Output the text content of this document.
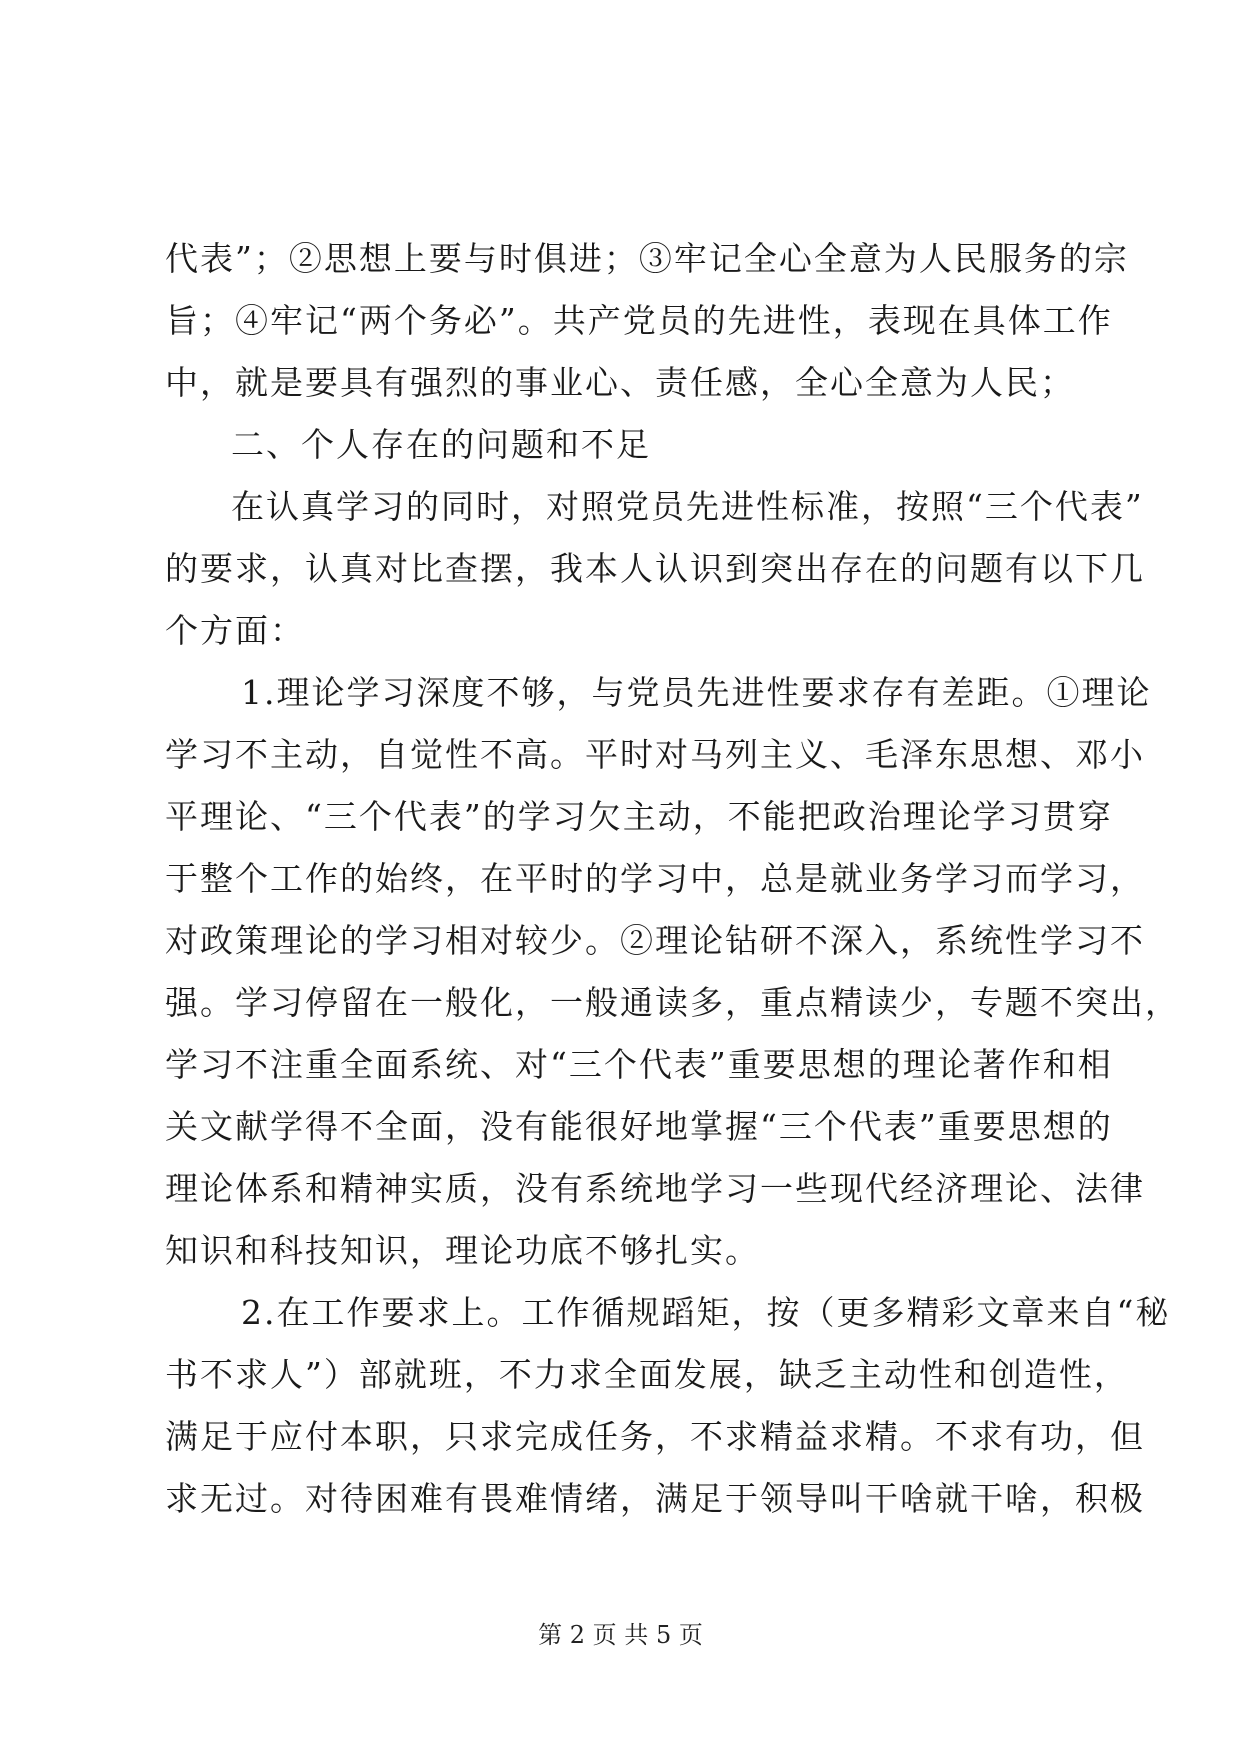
代表”；②思想上要与时俱进；③牢记全心全意为人民服务的宗
旨；④牢记“两个务必”。共产党员的先进性，表现在具体工作
中，就是要具有强烈的事业心、责任感，全心全意为人民；
二、个人存在的问题和不足
在认真学习的同时，对照党员先进性标准，按照“三个代表”
的要求，认真对比查摆，我本人认识到突出存在的问题有以下几
个方面：
1.理论学习深度不够，与党员先进性要求存有差距。①理论
学习不主动，自觉性不高。平时对马列主义、毛泽东思想、邓小
平理论、“三个代表”的学习欠主动，不能把政治理论学习贯穿
于整个工作的始终，在平时的学习中，总是就业务学习而学习，
对政策理论的学习相对较少。②理论钻研不深入，系统性学习不
强。学习停留在一般化，一般通读多，重点精读少，专题不突出，
学习不注重全面系统、对“三个代表”重要思想的理论著作和相
关文献学得不全面，没有能很好地掌握“三个代表”重要思想的
理论体系和精神实质，没有系统地学习一些现代经济理论、法律
知识和科技知识，理论功底不够扎实。
2.在工作要求上。工作循规蹈矩，按（更多精彩文章来自“秘
书不求人”）部就班，不力求全面发展，缺乏主动性和创造性，
满足于应付本职，只求完成任务，不求精益求精。不求有功，但
求无过。对待困难有畏难情绪，满足于领导叫干啥就干啥，积极
第 2 页 共 5 页
